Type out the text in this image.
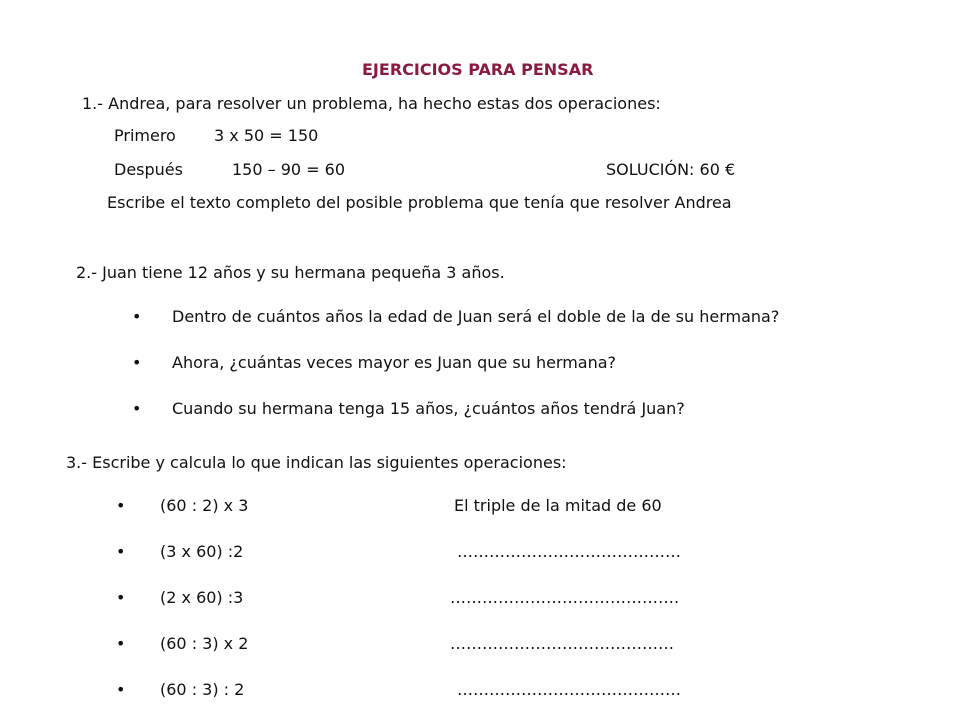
EJERCICIOS PARA PENSAR
1.- Andrea, para resolver un problema, ha hecho estas dos operaciones:
Primero 3 x 50 = 150
Después	150 – 90 = 60	SOLUCIÓN: 60 €
Escribe el texto completo del posible problema que tenía que resolver Andrea
2.- Juan tiene 12 años y su hermana pequeña 3 años.
• Dentro de cuántos años la edad de Juan será el doble de la de su hermana?
• Ahora, ¿cuántas veces mayor es Juan que su hermana?
• Cuando su hermana tenga 15 años, ¿cuántos años tendrá Juan?
3.- Escribe y calcula lo que indican las siguientes operaciones:
• (60 : 2) x 3	El triple de la mitad de 60
• (3 x 60) :2	……………………………………
• (2 x 60) :3	…………………………………….
• (60 : 3) x 2	……………………………………
• (60 : 3) : 2	……………………………………
